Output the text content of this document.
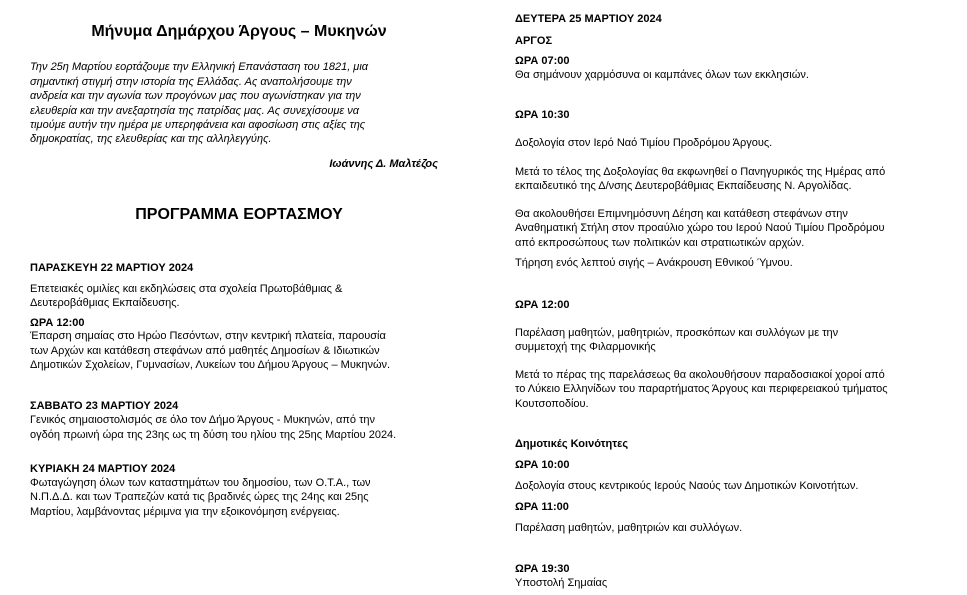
Μήνυμα Δημάρχου Άργους – Μυκηνών
Την 25η Μαρτίου εορτάζουμε την Ελληνική Επανάσταση του 1821, μια
σημαντική στιγμή στην ιστορία της Ελλάδας. Ας αναπολήσουμε την
ανδρεία και την αγωνία των προγόνων μας που αγωνίστηκαν για την
ελευθερία και την ανεξαρτησία της πατρίδας μας. Ας συνεχίσουμε να
τιμούμε αυτήν την ημέρα με υπερηφάνεια και αφοσίωση στις αξίες της
δημοκρατίας, της ελευθερίας και της αλληλεγγύης.
Ιωάννης Δ. Μαλτέζος
ΠΡΟΓΡΑΜΜΑ ΕΟΡΤΑΣΜΟΥ
ΠΑΡΑΣΚΕΥΗ 22 ΜΑΡΤΙΟΥ 2024
Επετειακές ομιλίες και εκδηλώσεις στα σχολεία Πρωτοβάθμιας &
Δευτεροβάθμιας Εκπαίδευσης.
ΩΡΑ 12:00
Έπαρση σημαίας στο Ηρώο Πεσόντων, στην κεντρική πλατεία, παρουσία
των Αρχών και κατάθεση στεφάνων από μαθητές Δημοσίων & Ιδιωτικών
Δημοτικών Σχολείων, Γυμνασίων, Λυκείων του Δήμου Άργους – Μυκηνών.
ΣΑΒΒΑΤΟ 23 ΜΑΡΤΙΟΥ 2024
Γενικός σημαιοστολισμός σε όλο τον Δήμο Άργους - Μυκηνών, από την
ογδόη πρωινή ώρα της 23ης ως τη δύση του ηλίου της 25ης Μαρτίου 2024.
ΚΥΡΙΑΚΗ 24 ΜΑΡΤΙΟΥ 2024
Φωταγώγηση όλων των καταστημάτων του δημοσίου, των Ο.Τ.Α., των
Ν.Π.Δ.Δ. και των Τραπεζών κατά τις βραδινές ώρες της 24ης και 25ης
Μαρτίου, λαμβάνοντας μέριμνα για την εξοικονόμηση ενέργειας.
ΔΕΥΤΕΡΑ 25 ΜΑΡΤΙΟΥ 2024
ΑΡΓΟΣ
ΩΡΑ 07:00
Θα σημάνουν χαρμόσυνα οι καμπάνες όλων των εκκλησιών.
ΩΡΑ 10:30
Δοξολογία στον Ιερό Ναό Τιμίου Προδρόμου Άργους.
Μετά το τέλος της Δοξολογίας θα εκφωνηθεί ο Πανηγυρικός της Ημέρας από
εκπαιδευτικό της Δ/νσης Δευτεροβάθμιας Εκπαίδευσης Ν. Αργολίδας.
Θα ακολουθήσει Επιμνημόσυνη Δέηση και κατάθεση στεφάνων στην
Αναθηματική Στήλη στον προαύλιο χώρο του Ιερού Ναού Τιμίου Προδρόμου
από εκπροσώπους των πολιτικών και στρατιωτικών αρχών.
Τήρηση ενός λεπτού σιγής – Ανάκρουση Εθνικού Ύμνου.
ΩΡΑ 12:00
Παρέλαση μαθητών, μαθητριών, προσκόπων και συλλόγων με την
συμμετοχή της Φιλαρμονικής
Μετά το πέρας της παρελάσεως θα ακολουθήσουν παραδοσιακοί χοροί από
το Λύκειο Ελληνίδων του παραρτήματος Άργους και περιφερειακού τμήματος
Κουτσοποδίου.
Δημοτικές Κοινότητες
ΩΡΑ 10:00
Δοξολογία στους κεντρικούς Ιερούς Ναούς των Δημοτικών Κοινοτήτων.
ΩΡΑ 11:00
Παρέλαση μαθητών, μαθητριών και συλλόγων.
ΩΡΑ 19:30
Υποστολή Σημαίας
